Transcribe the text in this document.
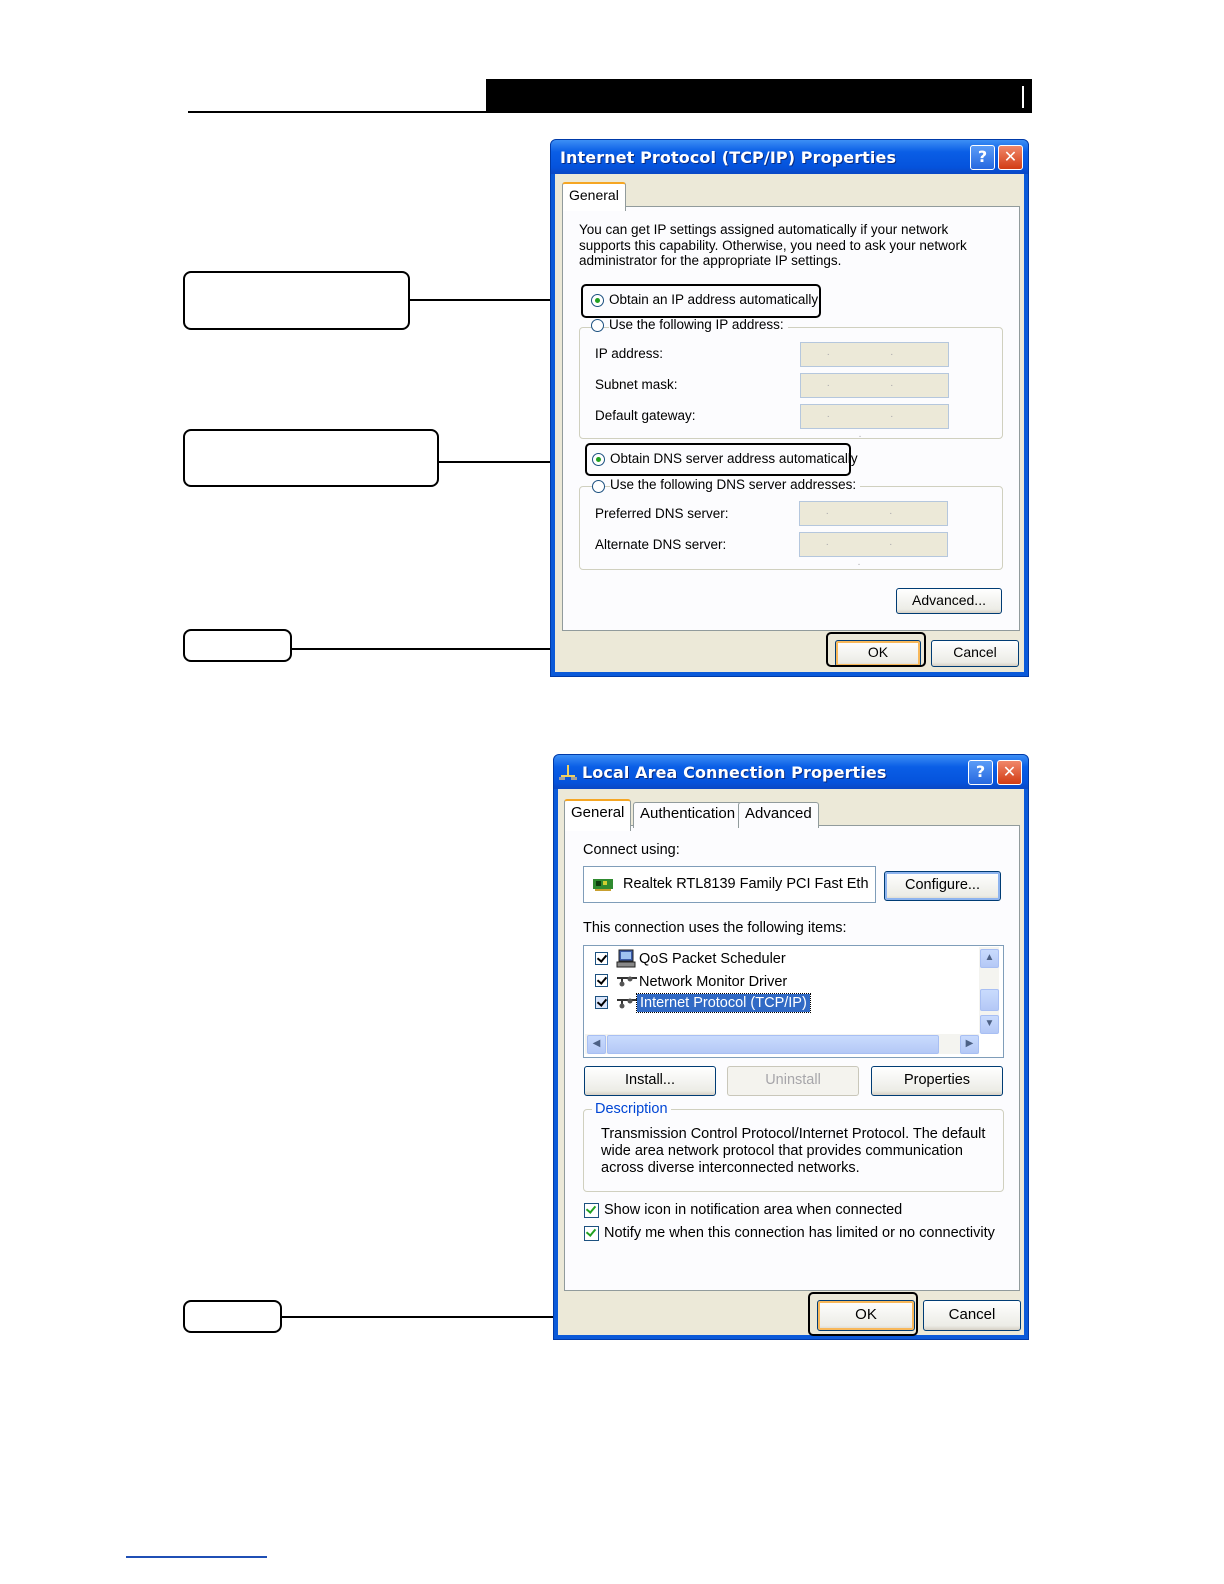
Internet Protocol (TCP/IP) Properties	?	✕
General
You can get IP settings assigned automatically if your network supports this capability. Otherwise, you need to ask your network administrator for the appropriate IP settings.
Obtain an IP address automatically
Use the following IP address:
IP address:	. .
Subnet mask:	. .
Default gateway:	. . .
Obtain DNS server address automatically
Use the following DNS server addresses:
Preferred DNS server:	. .
Alternate DNS server:	. . .
Advanced...
OK	Cancel
Local Area Connection Properties	?	✕
General	Authentication Advanced
Connect using:
Realtek RTL8139 Family PCI Fast Eth	Configure...
This connection uses the following items:
QoS Packet Scheduler
Network Monitor Driver
Internet Protocol (TCP/IP)
▲
▼
◀	▶
Install...	Uninstall	Properties
Description
Transmission Control Protocol/Internet Protocol. The default wide area network protocol that provides communication across diverse interconnected networks.
Show icon in notification area when connected
Notify me when this connection has limited or no connectivity
OK	Cancel
